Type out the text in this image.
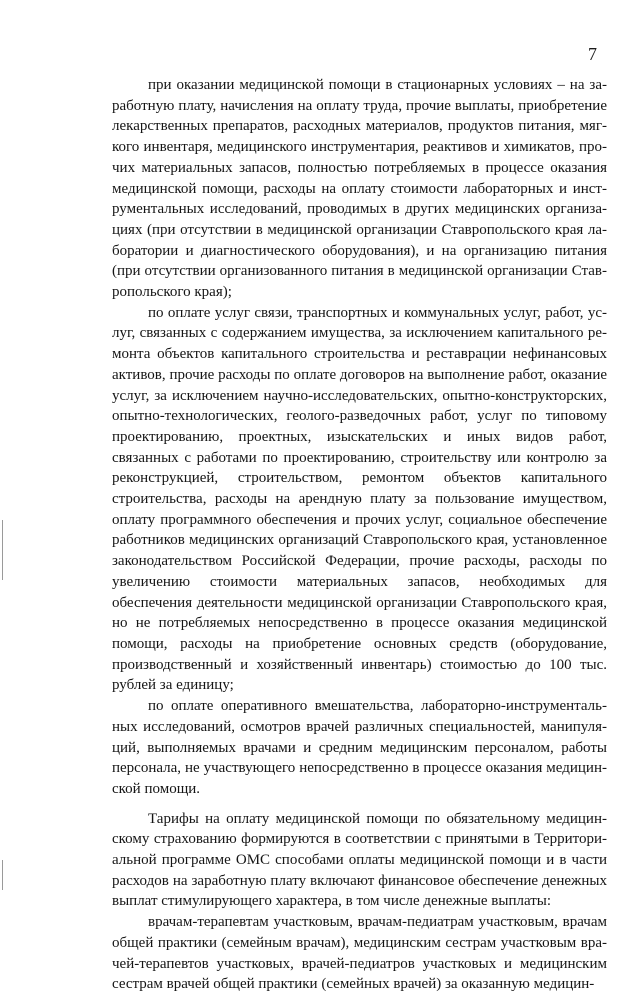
7

при оказании медицинской помощи в стационарных условиях – на заработную плату, начисления на оплату труда, прочие выплаты, приобретение лекарственных препаратов, расходных материалов, продуктов питания, мягкого инвентаря, медицинского инструментария, реактивов и химикатов, прочих материальных запасов, полностью потребляемых в процессе оказания медицинской помощи, расходы на оплату стоимости лабораторных и инструментальных исследований, проводимых в других медицинских организациях (при отсутствии в медицинской организации Ставропольского края лаборатории и диагностического оборудования), и на организацию питания (при отсутствии организованного питания в медицинской организации Ставропольского края);

по оплате услуг связи, транспортных и коммунальных услуг, работ, услуг, связанных с содержанием имущества, за исключением капитального ремонта объектов капитального строительства и реставрации нефинансовых активов, прочие расходы по оплате договоров на выполнение работ, оказание услуг, за исключением научно-исследовательских, опытно-конструкторских, опытно-технологических, геолого-разведочных работ, услуг по типовому проектированию, проектных, изыскательских и иных видов работ, связанных с работами по проектированию, строительству или контролю за реконструкцией, строительством, ремонтом объектов капитального строительства, расходы на арендную плату за пользование имуществом, оплату программного обеспечения и прочих услуг, социальное обеспечение работников медицинских организаций Ставропольского края, установленное законодательством Российской Федерации, прочие расходы, расходы по увеличению стоимости материальных запасов, необходимых для обеспечения деятельности медицинской организации Ставропольского края, но не потребляемых непосредственно в процессе оказания медицинской помощи, расходы на приобретение основных средств (оборудование, производственный и хозяйственный инвентарь) стоимостью до 100 тыс. рублей за единицу;

по оплате оперативного вмешательства, лабораторно-инструментальных исследований, осмотров врачей различных специальностей, манипуляций, выполняемых врачами и средним медицинским персоналом, работы персонала, не участвующего непосредственно в процессе оказания медицинской помощи.

Тарифы на оплату медицинской помощи по обязательному медицинскому страхованию формируются в соответствии с принятыми в Территориальной программе ОМС способами оплаты медицинской помощи и в части расходов на заработную плату включают финансовое обеспечение денежных выплат стимулирующего характера, в том числе денежные выплаты:

врачам-терапевтам участковым, врачам-педиатрам участковым, врачам общей практики (семейным врачам), медицинским сестрам участковым врачей-терапевтов участковых, врачей-педиатров участковых и медицинским сестрам врачей общей практики (семейных врачей) за оказанную медицин-
